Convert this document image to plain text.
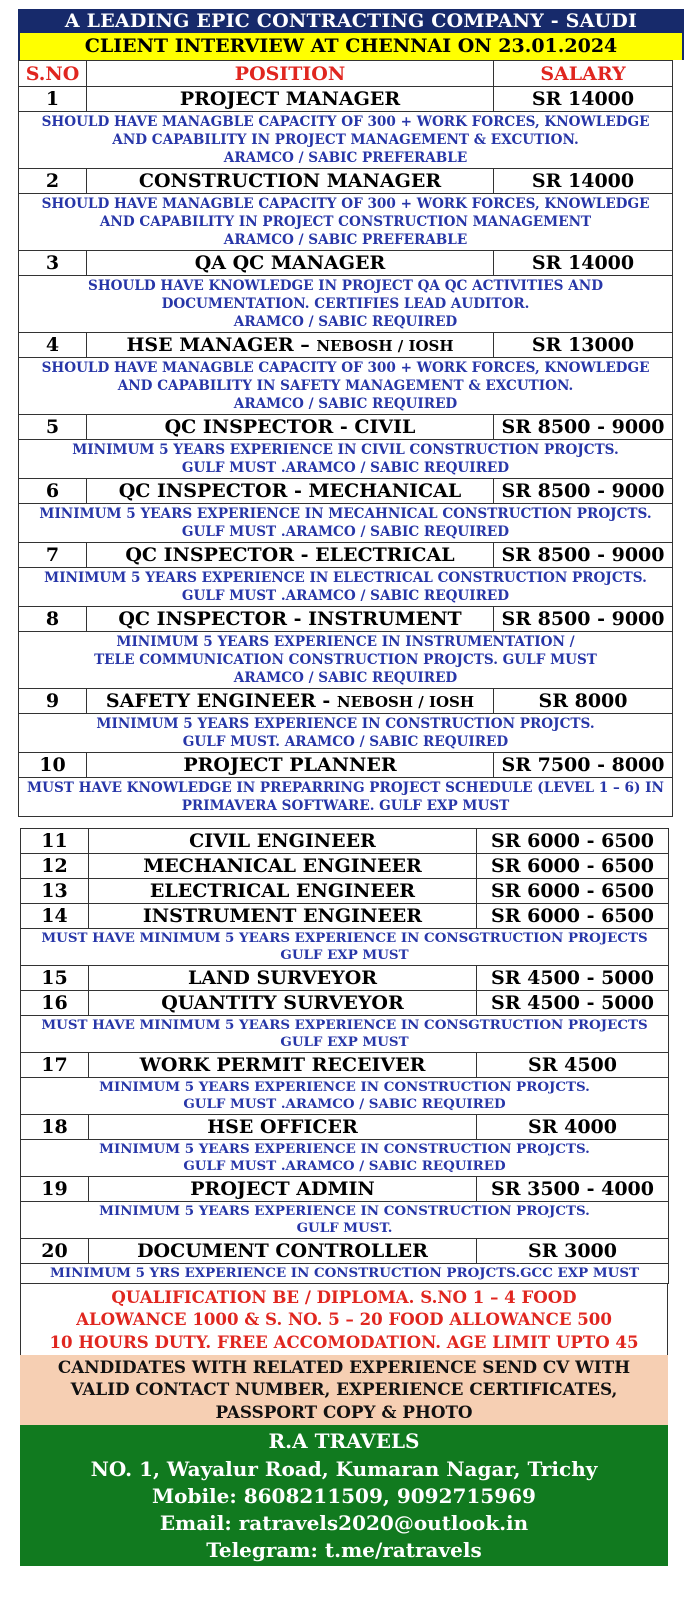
A LEADING EPIC CONTRACTING COMPANY - SAUDI
CLIENT INTERVIEW AT CHENNAI ON 23.01.2024
S.NO	POSITION	SALARY
1	PROJECT MANAGER	SR 14000

SHOULD HAVE MANAGBLE CAPACITY OF 300 + WORK FORCES, KNOWLEDGE
AND CAPABILITY IN PROJECT MANAGEMENT & EXCUTION.
ARAMCO / SABIC PREFERABLE		

2	CONSTRUCTION MANAGER	SR 14000

SHOULD HAVE MANAGBLE CAPACITY OF 300 + WORK FORCES, KNOWLEDGE
AND CAPABILITY IN PROJECT CONSTRUCTION MANAGEMENT
ARAMCO / SABIC PREFERABLE		

3	QA QC MANAGER	SR 14000

SHOULD HAVE KNOWLEDGE IN PROJECT QA QC ACTIVITIES AND
DOCUMENTATION. CERTIFIES LEAD AUDITOR.
ARAMCO / SABIC REQUIRED		

4	HSE MANAGER – NEBOSH / IOSH	SR 13000

SHOULD HAVE MANAGBLE CAPACITY OF 300 + WORK FORCES, KNOWLEDGE
AND CAPABILITY IN SAFETY MANAGEMENT & EXCUTION.
ARAMCO / SABIC REQUIRED		

5	QC INSPECTOR - CIVIL	SR 8500 - 9000

MINIMUM 5 YEARS EXPERIENCE IN CIVIL CONSTRUCTION PROJCTS.
GULF MUST .ARAMCO / SABIC REQUIRED		

6	QC INSPECTOR - MECHANICAL	SR 8500 - 9000

MINIMUM 5 YEARS EXPERIENCE IN MECAHNICAL CONSTRUCTION PROJCTS.
GULF MUST .ARAMCO / SABIC REQUIRED		

7	QC INSPECTOR - ELECTRICAL	SR 8500 - 9000

MINIMUM 5 YEARS EXPERIENCE IN ELECTRICAL CONSTRUCTION PROJCTS.
GULF MUST .ARAMCO / SABIC REQUIRED		

8	QC INSPECTOR - INSTRUMENT	SR 8500 - 9000

MINIMUM 5 YEARS EXPERIENCE IN INSTRUMENTATION /
TELE COMMUNICATION CONSTRUCTION PROJCTS. GULF MUST
ARAMCO / SABIC REQUIRED		

9	SAFETY ENGINEER - NEBOSH / IOSH	SR 8000

MINIMUM 5 YEARS EXPERIENCE IN CONSTRUCTION PROJCTS.
GULF MUST. ARAMCO / SABIC REQUIRED		

10	PROJECT PLANNER	SR 7500 - 8000

MUST HAVE KNOWLEDGE IN PREPARRING PROJECT SCHEDULE (LEVEL 1 – 6) IN
PRIMAVERA SOFTWARE. GULF EXP MUST		
11	CIVIL ENGINEER	SR 6000 - 6500
12	MECHANICAL ENGINEER	SR 6000 - 6500
13	ELECTRICAL ENGINEER	SR 6000 - 6500
14	INSTRUMENT ENGINEER	SR 6000 - 6500

MUST HAVE MINIMUM 5 YEARS EXPERIENCE IN CONSGTRUCTION PROJECTS
GULF EXP MUST		

15	LAND SURVEYOR	SR 4500 - 5000
16	QUANTITY SURVEYOR	SR 4500 - 5000

MUST HAVE MINIMUM 5 YEARS EXPERIENCE IN CONSGTRUCTION PROJECTS
GULF EXP MUST		

17	WORK PERMIT RECEIVER	SR 4500

MINIMUM 5 YEARS EXPERIENCE IN CONSTRUCTION PROJCTS.
GULF MUST .ARAMCO / SABIC REQUIRED		

18	HSE OFFICER	SR 4000

MINIMUM 5 YEARS EXPERIENCE IN CONSTRUCTION PROJCTS.
GULF MUST .ARAMCO / SABIC REQUIRED		

19	PROJECT ADMIN	SR 3500 - 4000

MINIMUM 5 YEARS EXPERIENCE IN CONSTRUCTION PROJCTS.
GULF MUST.		

20	DOCUMENT CONTROLLER	SR 3000

MINIMUM 5 YRS EXPERIENCE IN CONSTRUCTION PROJCTS.GCC EXP MUST		
QUALIFICATION BE / DIPLOMA. S.NO 1 – 4 FOOD
ALOWANCE 1000 & S. NO. 5 – 20 FOOD ALLOWANCE 500
10 HOURS DUTY. FREE ACCOMODATION. AGE LIMIT UPTO 45
CANDIDATES WITH RELATED EXPERIENCE SEND CV WITH
VALID CONTACT NUMBER, EXPERIENCE CERTIFICATES,
PASSPORT COPY & PHOTO
R.A TRAVELS
NO. 1, Wayalur Road, Kumaran Nagar, Trichy
Mobile: 8608211509, 9092715969
Email: ratravels2020@outlook.in
Telegram: t.me/ratravels
